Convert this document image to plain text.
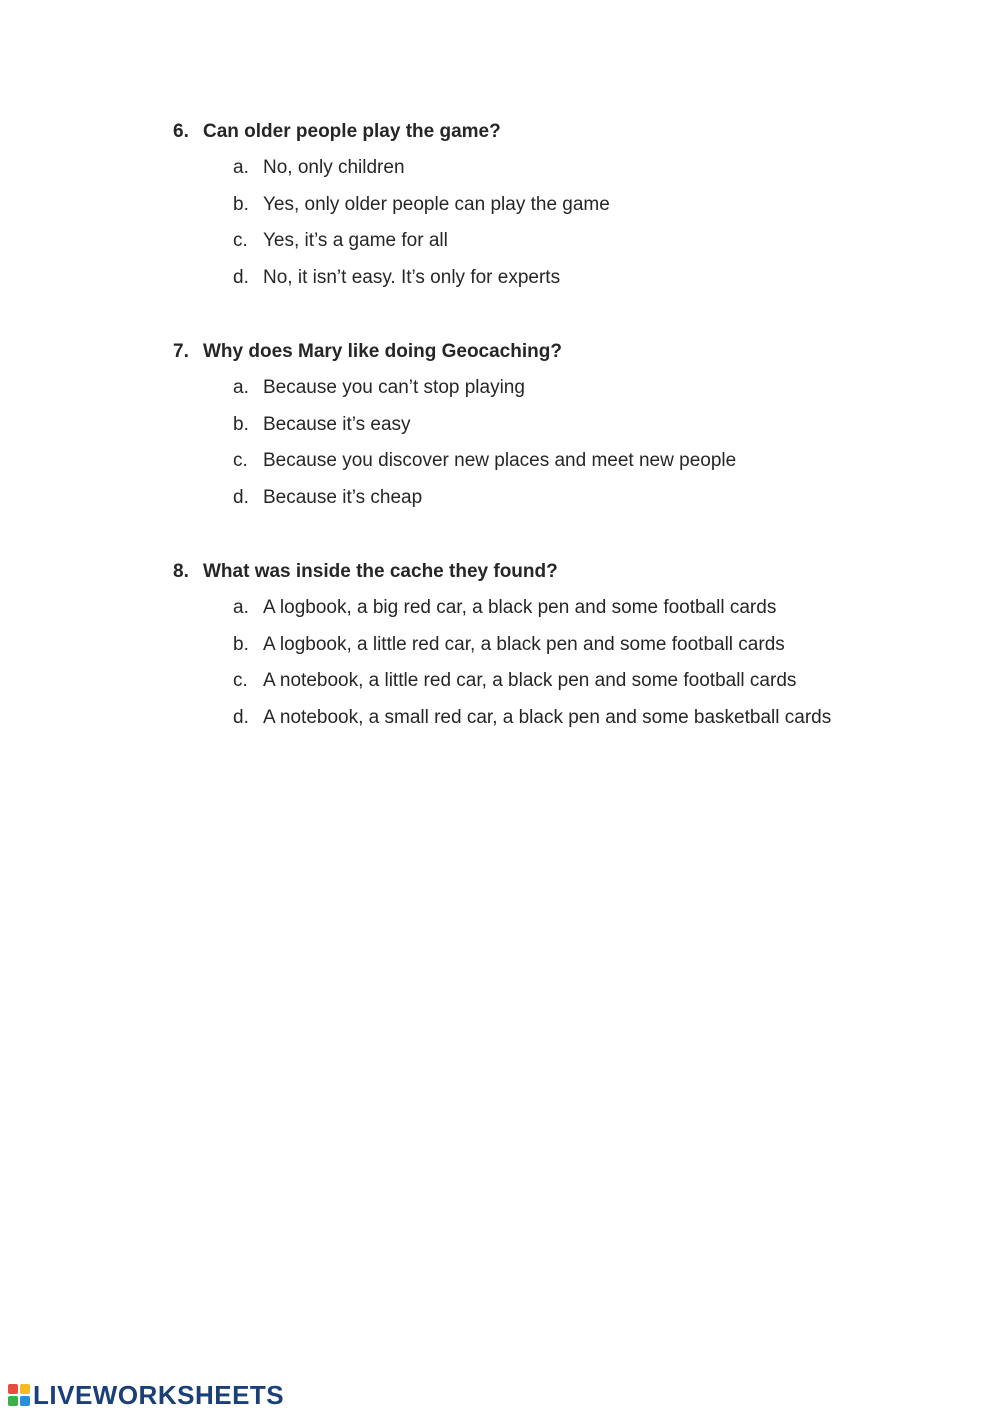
6. Can older people play the game?
a. No, only children
b. Yes, only older people can play the game
c. Yes, it’s a game for all
d. No, it isn’t easy. It’s only for experts
7. Why does Mary like doing Geocaching?
a. Because you can’t stop playing
b. Because it’s easy
c. Because you discover new places and meet new people
d. Because it’s cheap
8. What was inside the cache they found?
a. A logbook, a big red car, a black pen and some football cards
b. A logbook, a little red car, a black pen and some football cards
c. A notebook, a little red car, a black pen and some football cards
d. A notebook, a small red car, a black pen and some basketball cards
LIVEWORKSHEETS
